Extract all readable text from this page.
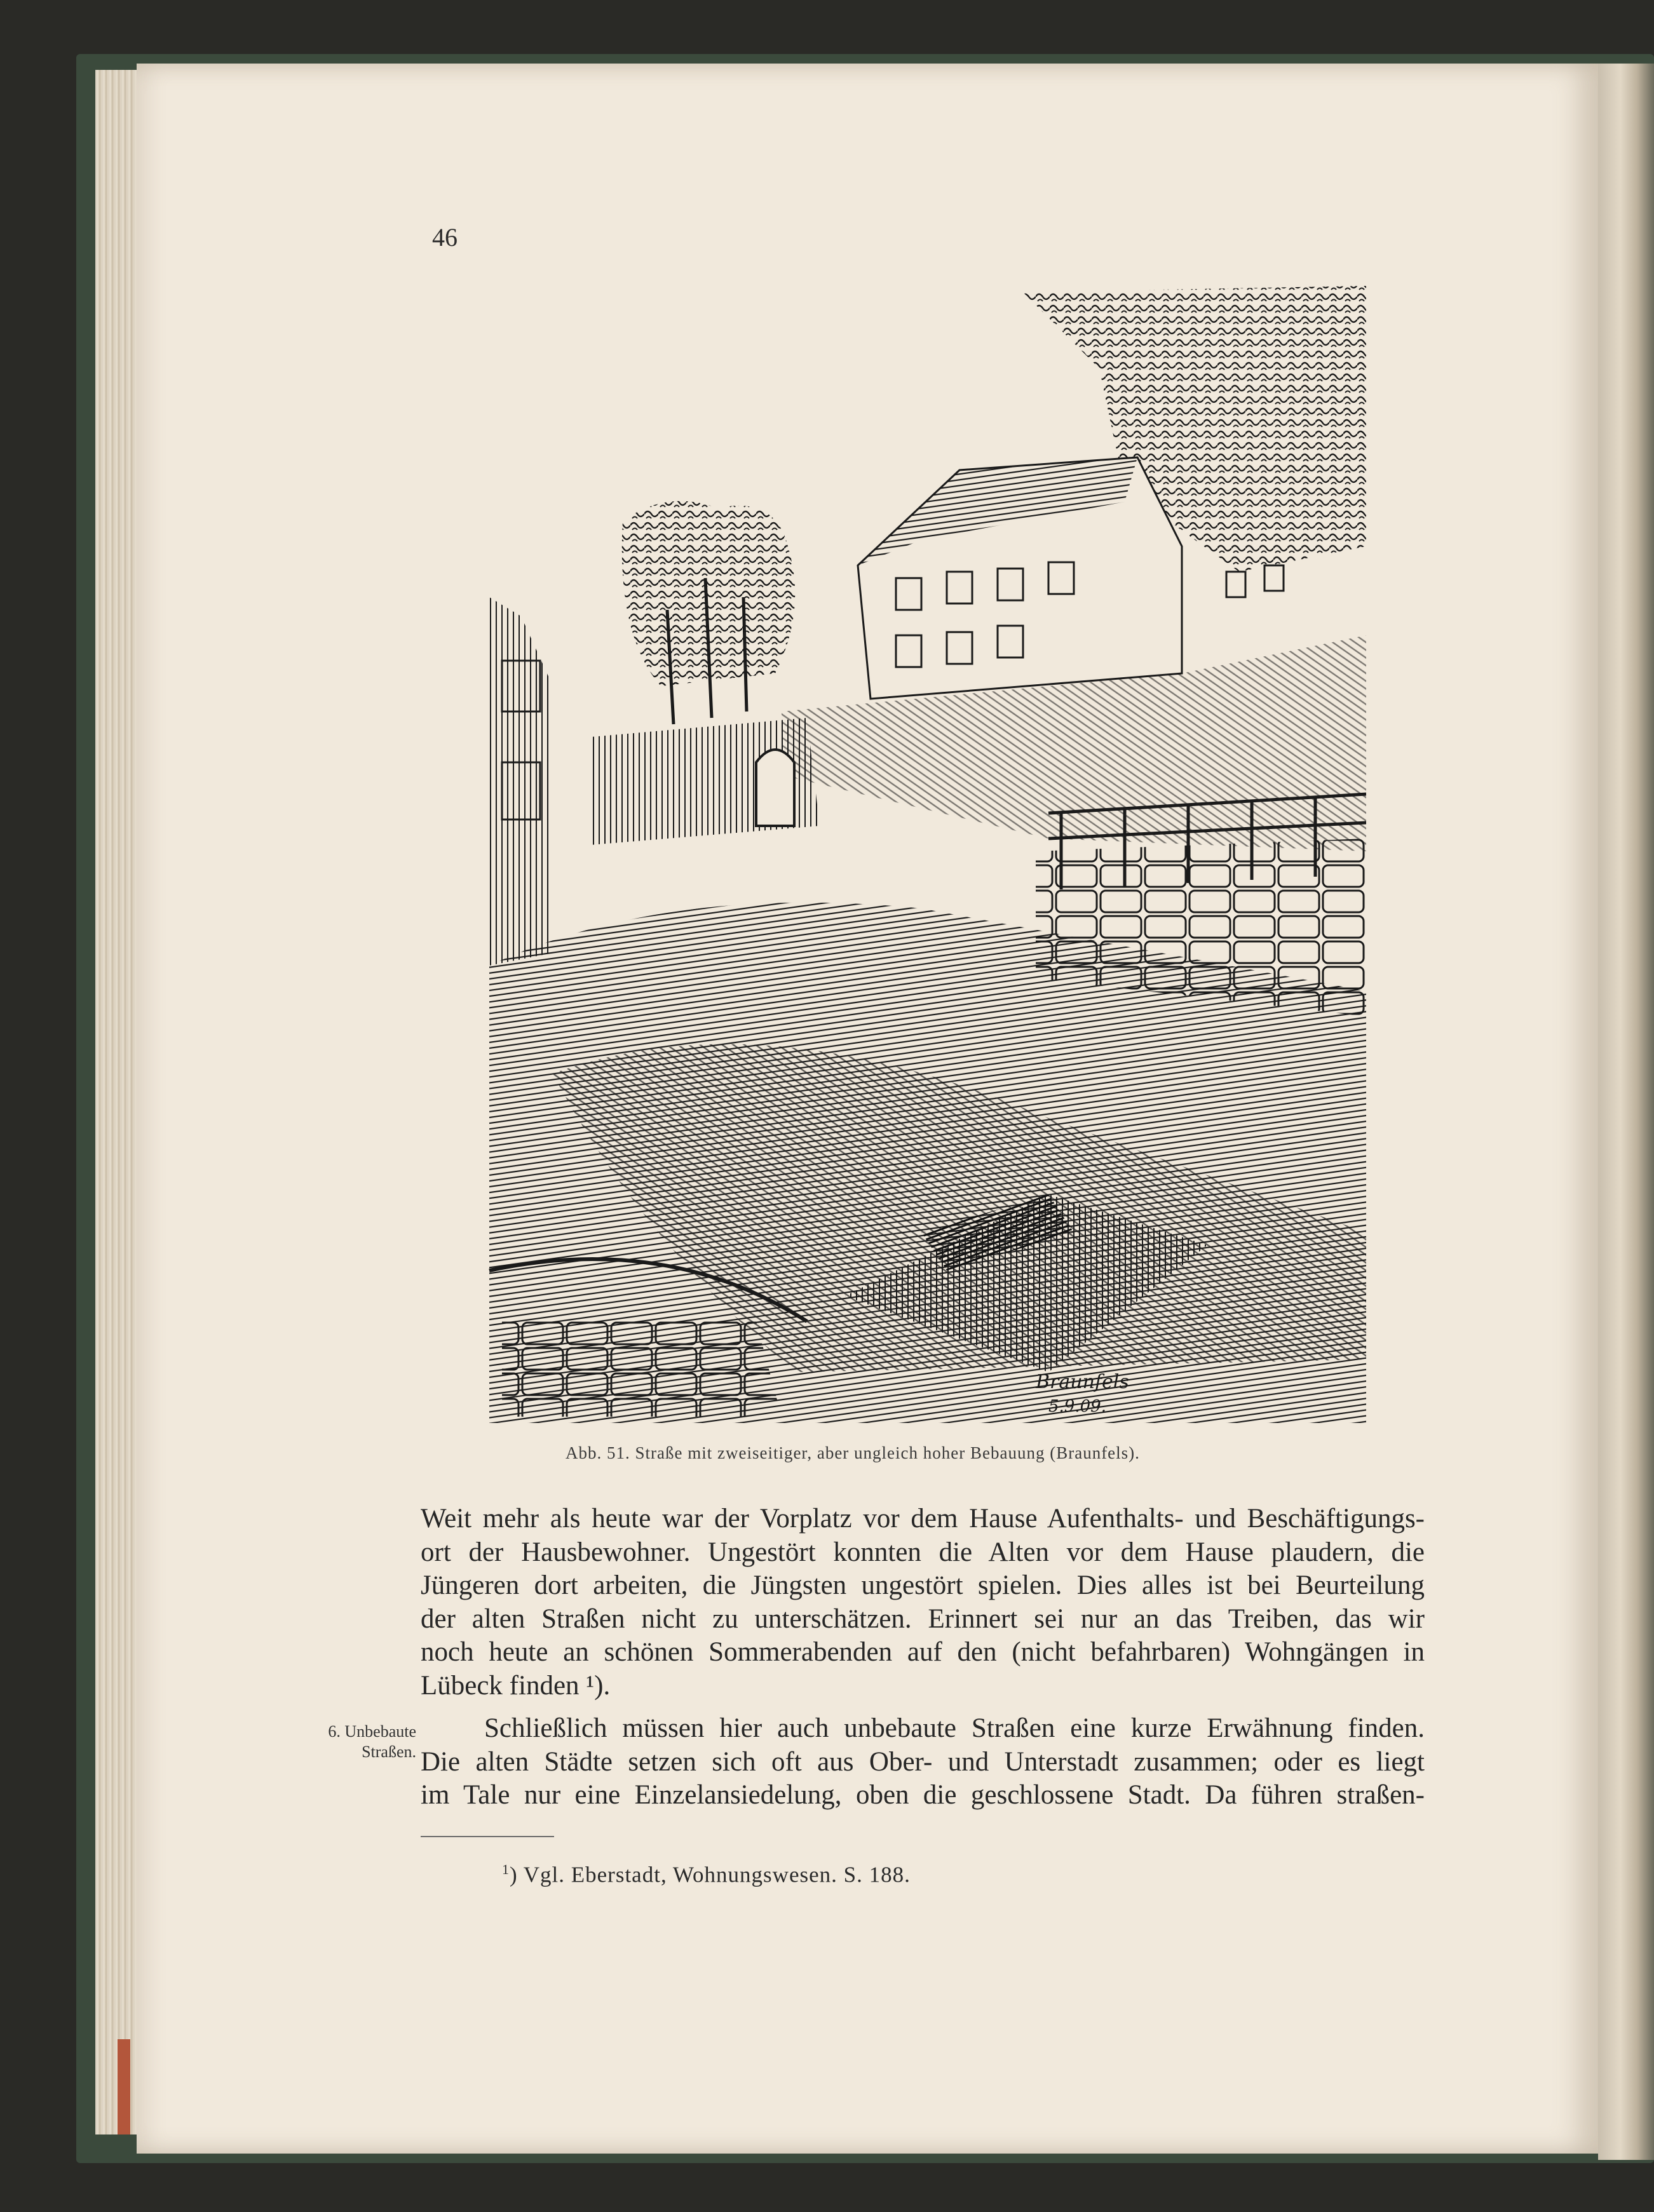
46
Braunfels
5.9.09.
Abb. 51. Straße mit zweiseitiger, aber ungleich hoher Bebauung (Braunfels).
Weit mehr als heute war der Vorplatz vor dem Hause Aufenthalts- und Beschäftigungs-
ort der Hausbewohner. Ungestört konnten die Alten vor dem Hause plaudern, die
Jüngeren dort arbeiten, die Jüngsten ungestört spielen. Dies alles ist bei Beurteilung
der alten Straßen nicht zu unterschätzen. Erinnert sei nur an das Treiben, das wir
noch heute an schönen Sommerabenden auf den (nicht befahrbaren) Wohngängen in
Lübeck finden ¹).
6. Unbebaute
Straßen.
Schließlich müssen hier auch unbebaute Straßen eine kurze Erwähnung finden.
Die alten Städte setzen sich oft aus Ober- und Unterstadt zusammen; oder es liegt
im Tale nur eine Einzelansiedelung, oben die geschlossene Stadt. Da führen straßen-
$^1$) Vgl. Eberstadt, Wohnungswesen. S. 188.
